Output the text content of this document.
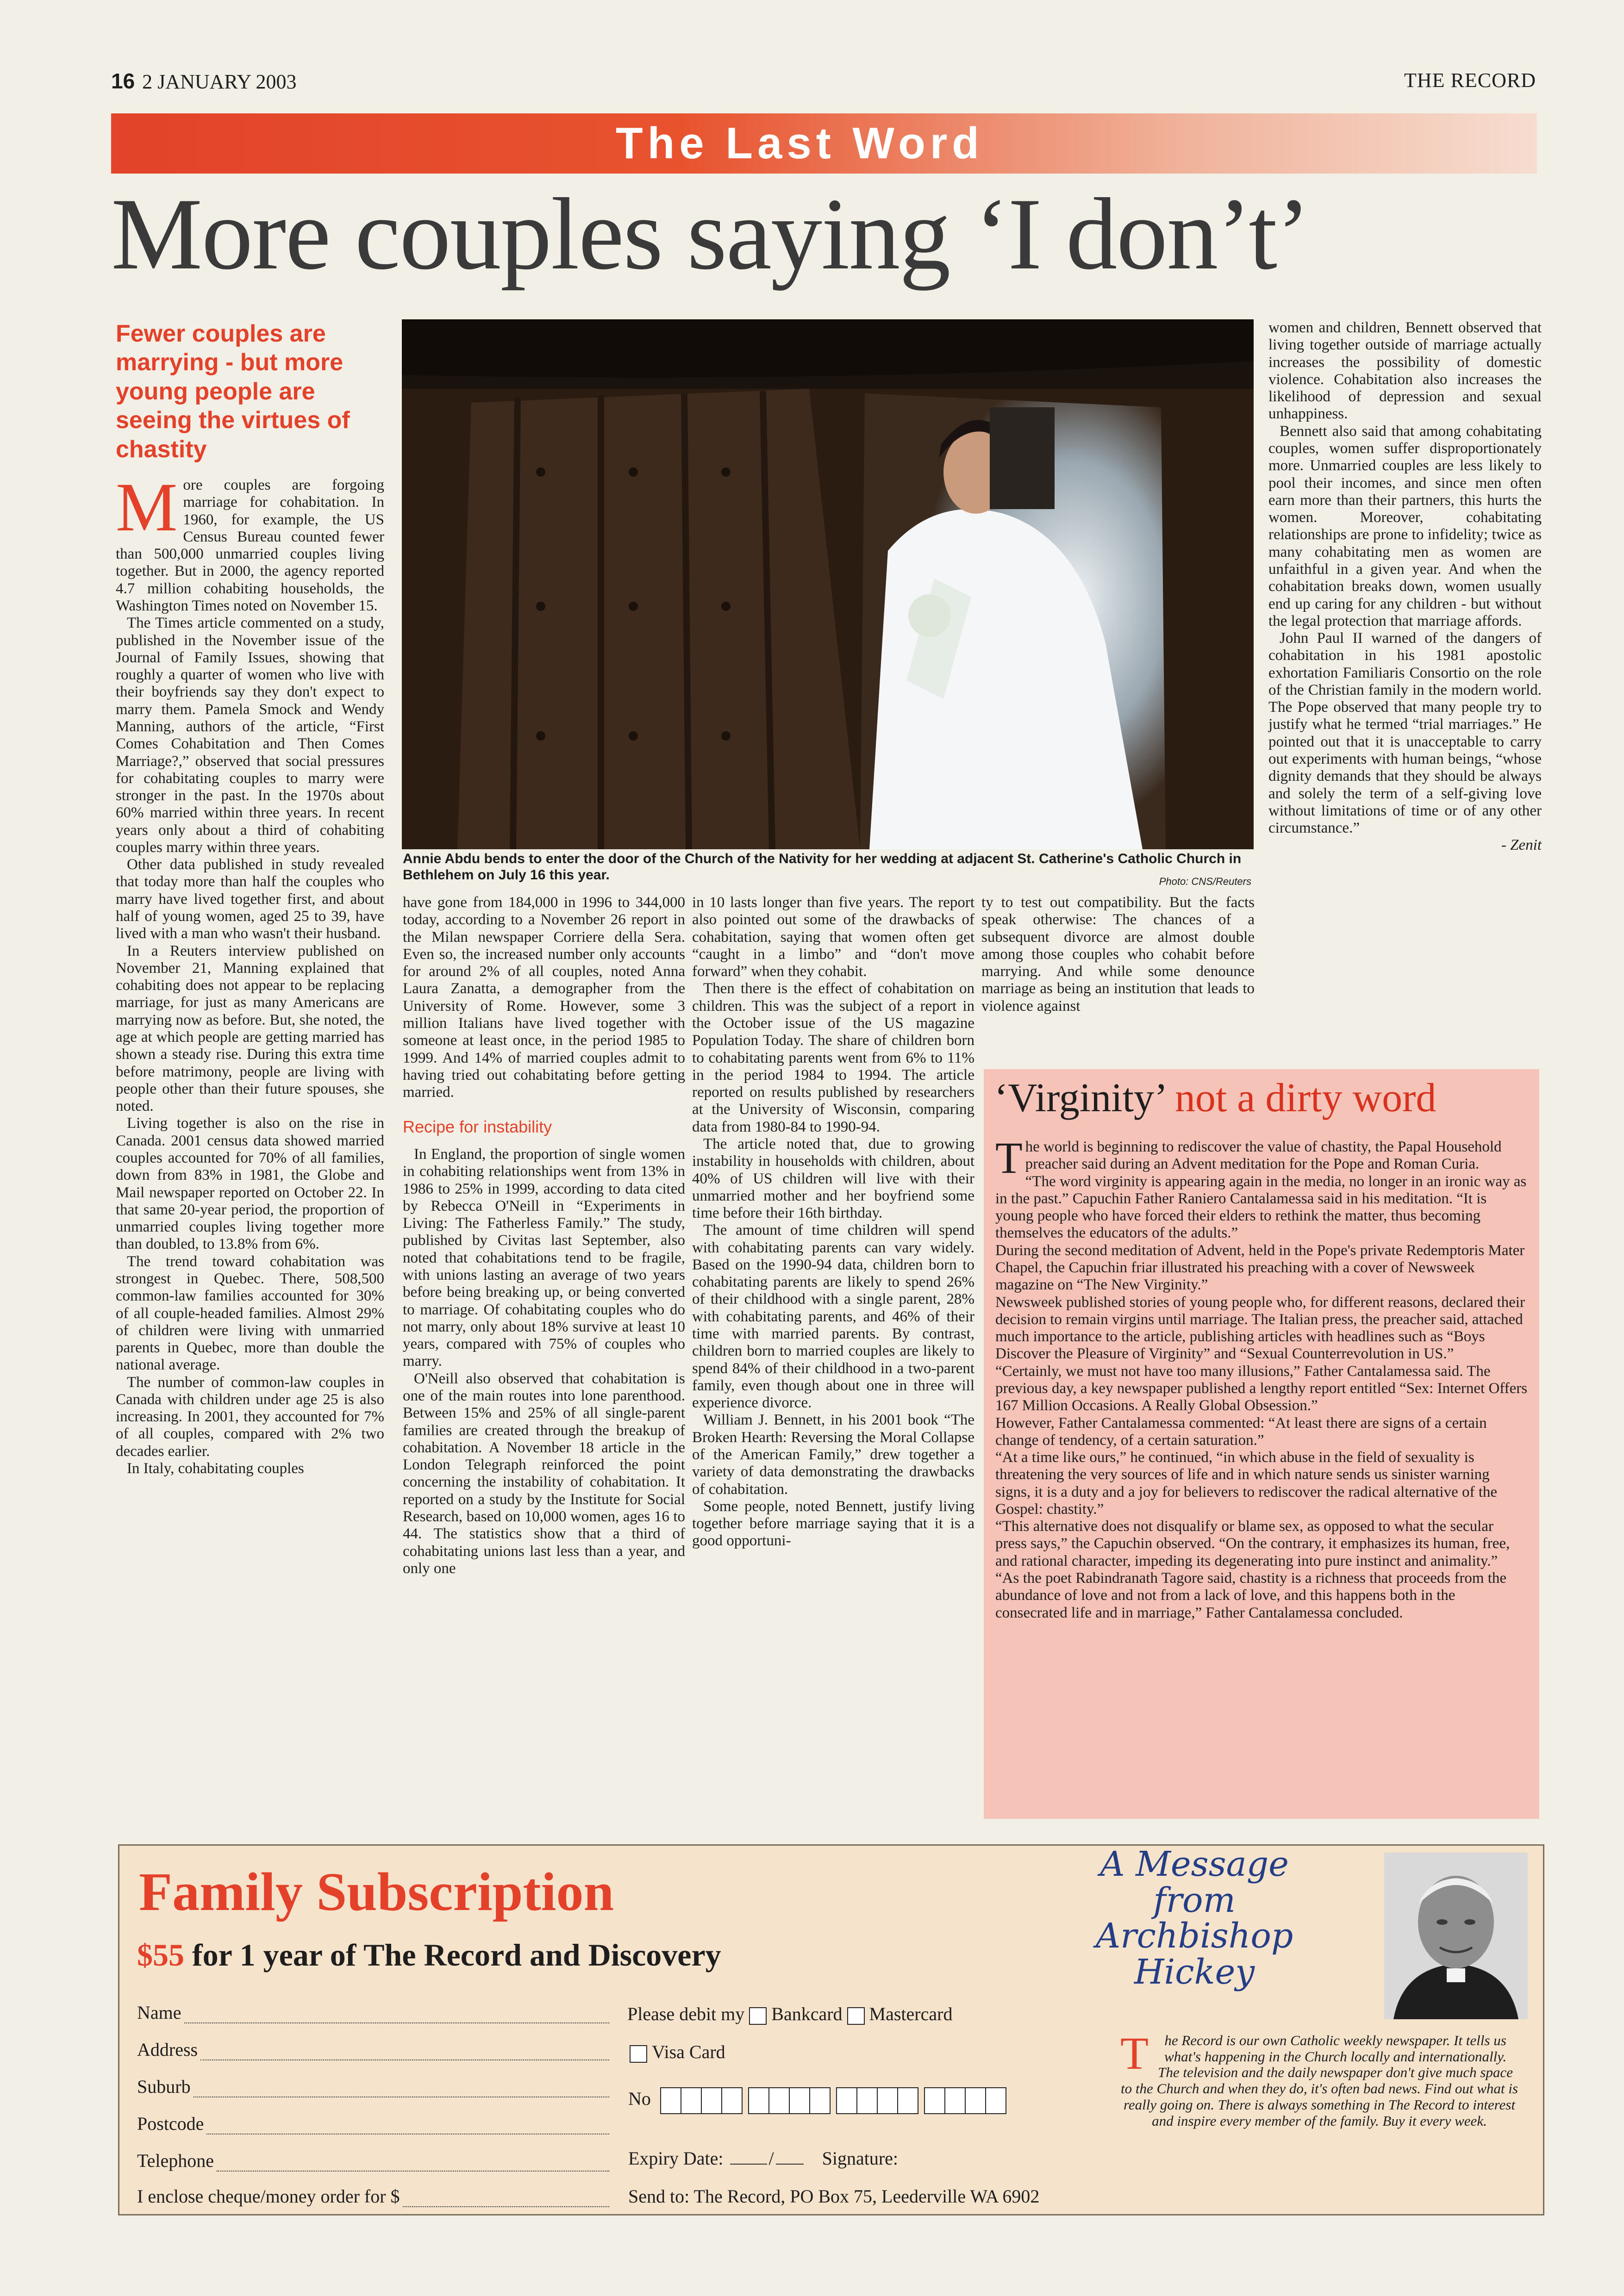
16 2 JANUARY 2003	THE RECORD
The Last Word
More couples saying ‘I don’t’
Fewer couples are marrying - but more young people are seeing the virtues of chastity

More couples are forgoing marriage for cohabitation. In 1960, for example, the US Census Bureau counted fewer than 500,000 unmarried couples living together. But in 2000, the agency reported 4.7 million cohabiting households, the Washington Times noted on November 15.

The Times article commented on a study, published in the November issue of the Journal of Family Issues, showing that roughly a quarter of women who live with their boyfriends say they don't expect to marry them. Pamela Smock and Wendy Manning, authors of the article, “First Comes Cohabitation and Then Comes Marriage?,” observed that social pressures for cohabitating couples to marry were stronger in the past. In the 1970s about 60% married within three years. In recent years only about a third of cohabiting couples marry within three years.

Other data published in study revealed that today more than half the couples who marry have lived together first, and about half of young women, aged 25 to 39, have lived with a man who wasn't their husband.

In a Reuters interview published on November 21, Manning explained that cohabiting does not appear to be replacing marriage, for just as many Americans are marrying now as before. But, she noted, the age at which people are getting married has shown a steady rise. During this extra time before matrimony, people are living with people other than their future spouses, she noted.

Living together is also on the rise in Canada. 2001 census data showed married couples accounted for 70% of all families, down from 83% in 1981, the Globe and Mail newspaper reported on October 22. In that same 20-year period, the proportion of unmarried couples living together more than doubled, to 13.8% from 6%.

The trend toward cohabitation was strongest in Quebec. There, 508,500 common-law families accounted for 30% of all couple-headed families. Almost 29% of children were living with unmarried parents in Quebec, more than double the national average.

The number of common-law couples in Canada with children under age 25 is also increasing. In 2001, they accounted for 7% of all couples, compared with 2% two decades earlier.

In Italy, cohabitating couples

Annie Abdu bends to enter the door of the Church of the Nativity for her wedding at adjacent St. Catherine's Catholic Church in Bethlehem on July 16 this year.	Photo: CNS/Reuters

have gone from 184,000 in 1996 to 344,000 today, according to a November 26 report in the Milan newspaper Corriere della Sera. Even so, the increased number only accounts for around 2% of all couples, noted Anna Laura Zanatta, a demographer from the University of Rome. However, some 3 million Italians have lived together with someone at least once, in the period 1985 to 1999. And 14% of married couples admit to having tried out cohabitating before getting married.

Recipe for instability

In England, the proportion of single women in cohabiting relationships went from 13% in 1986 to 25% in 1999, according to data cited by Rebecca O'Neill in “Experiments in Living: The Fatherless Family.” The study, published by Civitas last September, also noted that cohabitations tend to be fragile, with unions lasting an average of two years before being breaking up, or being converted to marriage. Of cohabitating couples who do not marry, only about 18% survive at least 10 years, compared with 75% of couples who marry.

O'Neill also observed that cohabitation is one of the main routes into lone parenthood. Between 15% and 25% of all single-parent families are created through the breakup of cohabitation. A November 18 article in the London Telegraph reinforced the point concerning the instability of cohabitation. It reported on a study by the Institute for Social Research, based on 10,000 women, ages 16 to 44. The statistics show that a third of cohabitating unions last less than a year, and only one

in 10 lasts longer than five years. The report also pointed out some of the drawbacks of cohabitation, saying that women often get “caught in a limbo” and “don't move forward” when they cohabit.

Then there is the effect of cohabitation on children. This was the subject of a report in the October issue of the US magazine Population Today. The share of children born to cohabitating parents went from 6% to 11% in the period 1984 to 1994. The article reported on results published by researchers at the University of Wisconsin, comparing data from 1980-84 to 1990-94.

The article noted that, due to growing instability in households with children, about 40% of US children will live with their unmarried mother and her boyfriend some time before their 16th birthday.

The amount of time children will spend with cohabitating parents can vary widely. Based on the 1990-94 data, children born to cohabitating parents are likely to spend 26% of their childhood with a single parent, 28% with cohabitating parents, and 46% of their time with married parents. By contrast, children born to married couples are likely to spend 84% of their childhood in a two-parent family, even though about one in three will experience divorce.

William J. Bennett, in his 2001 book “The Broken Hearth: Reversing the Moral Collapse of the American Family,” drew together a variety of data demonstrating the drawbacks of cohabitation.

Some people, noted Bennett, justify living together before marriage saying that it is a good opportuni-

ty to test out compatibility. But the facts speak otherwise: The chances of a subsequent divorce are almost double among those couples who cohabit before marrying. And while some denounce marriage as being an institution that leads to violence against

women and children, Bennett observed that living together outside of marriage actually increases the possibility of domestic violence. Cohabitation also increases the likelihood of depression and sexual unhappiness.

Bennett also said that among cohabitating couples, women suffer disproportionately more. Unmarried couples are less likely to pool their incomes, and since men often earn more than their partners, this hurts the women. Moreover, cohabitating relationships are prone to infidelity; twice as many cohabitating men as women are unfaithful in a given year. And when the cohabitation breaks down, women usually end up caring for any children - but without the legal protection that marriage affords.

John Paul II warned of the dangers of cohabitation in his 1981 apostolic exhortation Familiaris Consortio on the role of the Christian family in the modern world. The Pope observed that many people try to justify what he termed “trial marriages.” He pointed out that it is unacceptable to carry out experiments with human beings, “whose dignity demands that they should be always and solely the term of a self-giving love without limitations of time or of any other circumstance.”

- Zenit
‘Virginity’ not a dirty word

The world is beginning to rediscover the value of chastity, the Papal Household preacher said during an Advent meditation for the Pope and Roman Curia.

“The word virginity is appearing again in the media, no longer in an ironic way as in the past.” Capuchin Father Raniero Cantalamessa said in his meditation. “It is young people who have forced their elders to rethink the matter, thus becoming themselves the educators of the adults.”

During the second meditation of Advent, held in the Pope's private Redemptoris Mater Chapel, the Capuchin friar illustrated his preaching with a cover of Newsweek magazine on “The New Virginity.”

Newsweek published stories of young people who, for different reasons, declared their decision to remain virgins until marriage. The Italian press, the preacher said, attached much importance to the article, publishing articles with headlines such as “Boys Discover the Pleasure of Virginity” and “Sexual Counterrevolution in US.”

“Certainly, we must not have too many illusions,” Father Cantalamessa said. The previous day, a key newspaper published a lengthy report entitled “Sex: Internet Offers 167 Million Occasions. A Really Global Obsession.”

However, Father Cantalamessa commented: “At least there are signs of a certain change of tendency, of a certain saturation.”

“At a time like ours,” he continued, “in which abuse in the field of sexuality is threatening the very sources of life and in which nature sends us sinister warning signs, it is a duty and a joy for believers to rediscover the radical alternative of the Gospel: chastity.”

“This alternative does not disqualify or blame sex, as opposed to what the secular press says,” the Capuchin observed. “On the contrary, it emphasizes its human, free, and rational character, impeding its degenerating into pure instinct and animality.”

“As the poet Rabindranath Tagore said, chastity is a richness that proceeds from the abundance of love and not from a lack of love, and this happens both in the consecrated life and in marriage,” Father Cantalamessa concluded.

Family Subscription
$55 for 1 year of The Record and Discovery
Name
Address
Suburb
Postcode
Telephone
I enclose cheque/money order for $
Please debit my Bankcard Mastercard
Visa Card
No
Expiry Date: /	Signature:
Send to: The Record, PO Box 75, Leederville WA 6902
A Message from Archbishop Hickey
T he Record is our own Catholic weekly newspaper. It tells us what's happening in the Church locally and internationally. The television and the daily newspaper don't give much space to the Church and when they do, it's often bad news. Find out what is really going on. There is always something in The Record to interest and inspire every member of the family. Buy it every week.
